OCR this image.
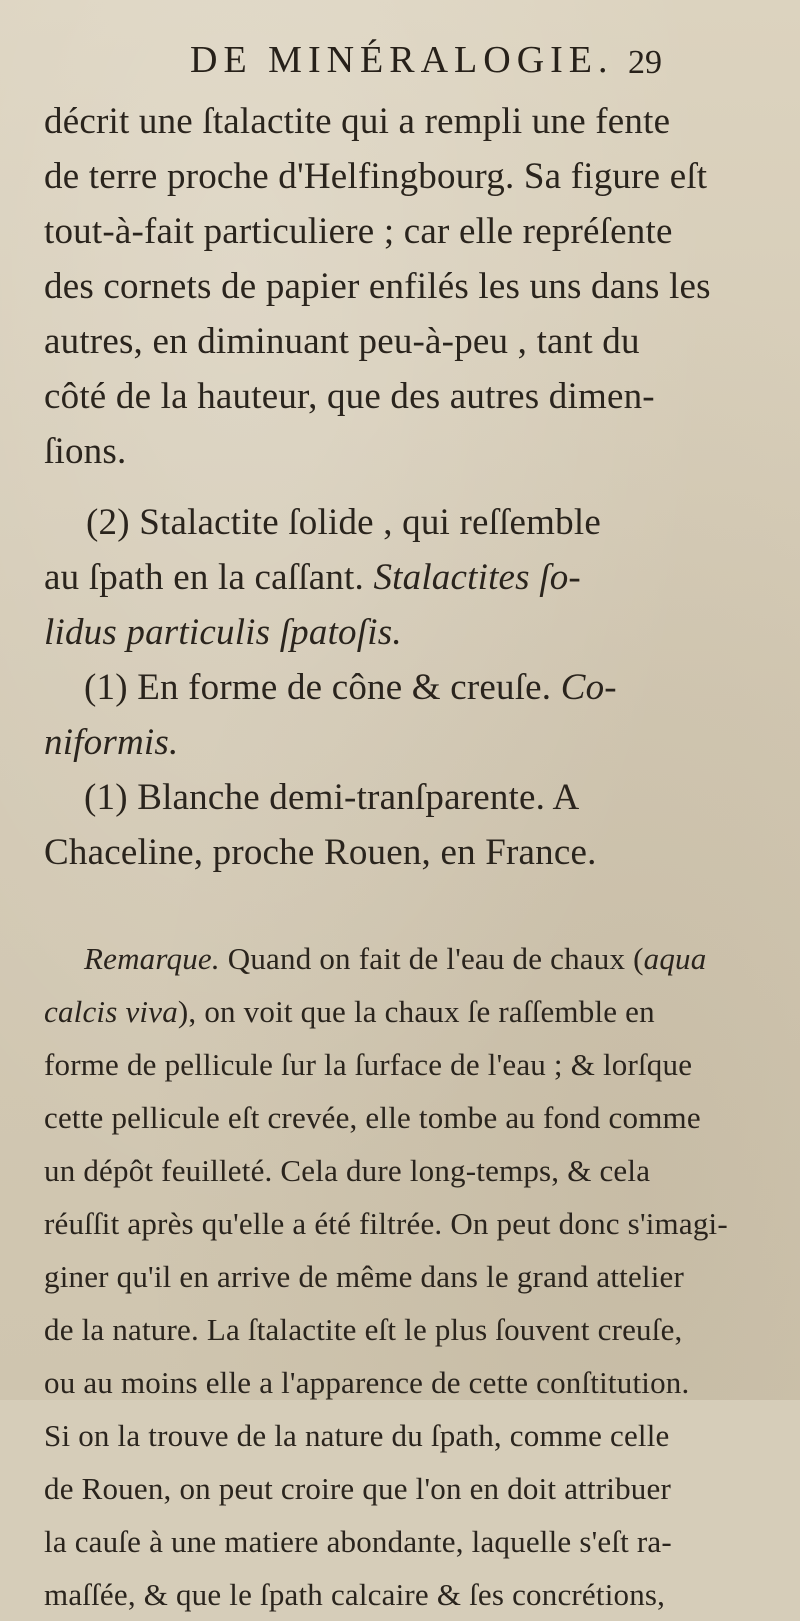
DE MINÉRALOGIE. 29
décrit une ſtalactite qui a rempli une fente
de terre proche d'Helfingbourg. Sa figure eſt
tout-à-fait particuliere ; car elle repréſente
des cornets de papier enfilés les uns dans les
autres, en diminuant peu-à-peu , tant du
côté de la hauteur, que des autres dimen-
ſions.
(2) Stalactite ſolide , qui reſſemble
au ſpath en la caſſant. Stalactites ſo-
lidus particulis ſpatoſis.
(1) En forme de cône & creuſe. Co-
niformis.
(1) Blanche demi-tranſparente. A
Chaceline, proche Rouen, en France.
Remarque. Quand on fait de l'eau de chaux (aqua
calcis viva), on voit que la chaux ſe raſſemble en
forme de pellicule ſur la ſurface de l'eau ; & lorſque
cette pellicule eſt crevée, elle tombe au fond comme
un dépôt feuilleté. Cela dure long-temps, & cela
réuſſit après qu'elle a été filtrée. On peut donc s'imagi-
giner qu'il en arrive de même dans le grand attelier
de la nature. La ſtalactite eſt le plus ſouvent creuſe,
ou au moins elle a l'apparence de cette conſtitution.
Si on la trouve de la nature du ſpath, comme celle
de Rouen, on peut croire que l'on en doit attribuer
la cauſe à une matiere abondante, laquelle s'eſt ra-
maſſée, & que le ſpath calcaire & ſes concrétions,
